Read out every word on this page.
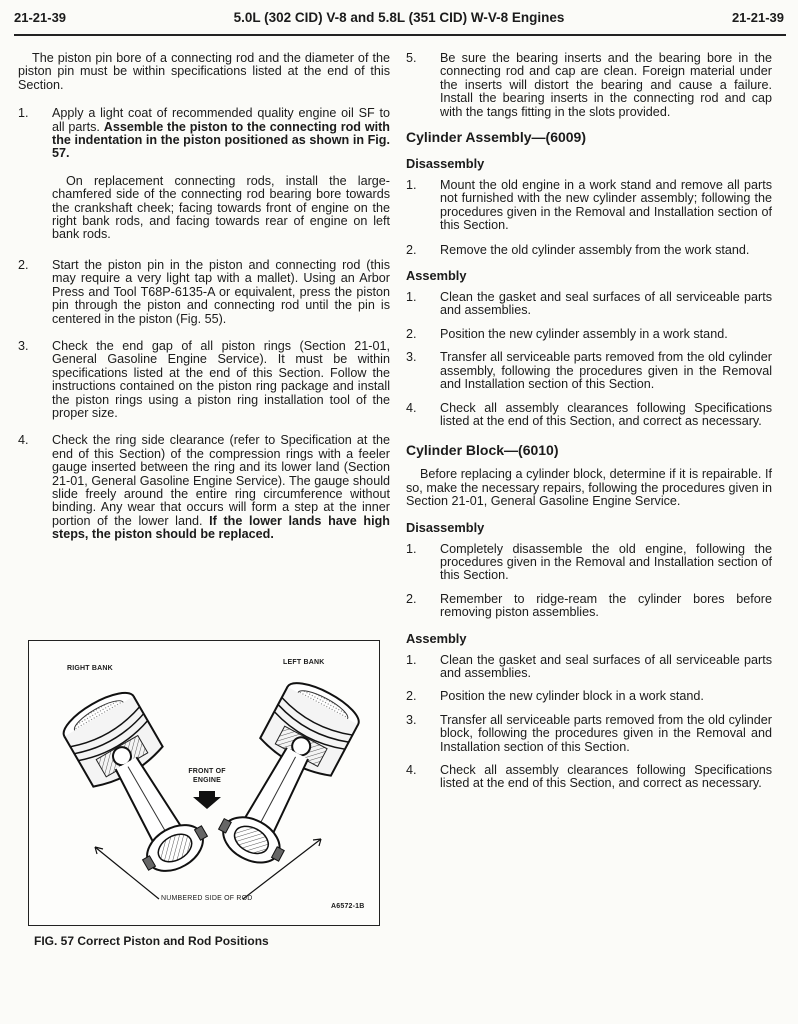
21-21-39	5.0L (302 CID) V-8 and 5.8L (351 CID) W-V-8 Engines	21-21-39

The piston pin bore of a connecting rod and the diameter of the piston pin must be within specifications listed at the end of this Section.

1.	Apply a light coat of recommended quality engine oil SF to all parts. Assemble the piston to the connecting rod with the indentation in the piston positioned as shown in Fig. 57.

On replacement connecting rods, install the large-chamfered side of the connecting rod bearing bore towards the crankshaft cheek; facing towards front of engine on the right bank rods, and facing towards rear of engine on left bank rods.

2.	Start the piston pin in the piston and connecting rod (this may require a very light tap with a mallet). Using an Arbor Press and Tool T68P-6135-A or equivalent, press the piston pin through the piston and connecting rod until the pin is centered in the piston (Fig. 55).

3.	Check the end gap of all piston rings (Section 21-01, General Gasoline Engine Service). It must be within specifications listed at the end of this Section. Follow the instructions contained on the piston ring package and install the piston rings using a piston ring installation tool of the proper size.

4.	Check the ring side clearance (refer to Specification at the end of this Section) of the compression rings with a feeler gauge inserted between the ring and its lower land (Section 21-01, General Gasoline Engine Service). The gauge should slide freely around the entire ring circumference without binding. Any wear that occurs will form a step at the inner portion of the lower land. If the lower lands have high steps, the piston should be replaced.

RIGHT BANK
LEFT BANK
FRONT OF
ENGINE
NUMBERED SIDE OF ROD
A6572-1B
FIG. 57 Correct Piston and Rod Positions
5.	Be sure the bearing inserts and the bearing bore in the connecting rod and cap are clean. Foreign material under the inserts will distort the bearing and cause a failure. Install the bearing inserts in the connecting rod and cap with the tangs fitting in the slots provided.

Cylinder Assembly—(6009)
Disassembly
1.	Mount the old engine in a work stand and remove all parts not furnished with the new cylinder assembly; following the procedures given in the Removal and Installation section of this Section.

2.	Remove the old cylinder assembly from the work stand.

Assembly
1.	Clean the gasket and seal surfaces of all serviceable parts and assemblies.

2.	Position the new cylinder assembly in a work stand.

3.	Transfer all serviceable parts removed from the old cylinder assembly, following the procedures given in the Removal and Installation section of this Section.

4.	Check all assembly clearances following Specifications listed at the end of this Section, and correct as necessary.

Cylinder Block—(6010)

Before replacing a cylinder block, determine if it is repairable. If so, make the necessary repairs, following the procedures given in Section 21-01, General Gasoline Engine Service.

Disassembly
1.	Completely disassemble the old engine, following the procedures given in the Removal and Installation section of this Section.

2.	Remember to ridge-ream the cylinder bores before removing piston assemblies.

Assembly
1.	Clean the gasket and seal surfaces of all serviceable parts and assemblies.

2.	Position the new cylinder block in a work stand.

3.	Transfer all serviceable parts removed from the old cylinder block, following the procedures given in the Removal and Installation section of this Section.

4.	Check all assembly clearances following Specifications listed at the end of this Section, and correct as necessary.
